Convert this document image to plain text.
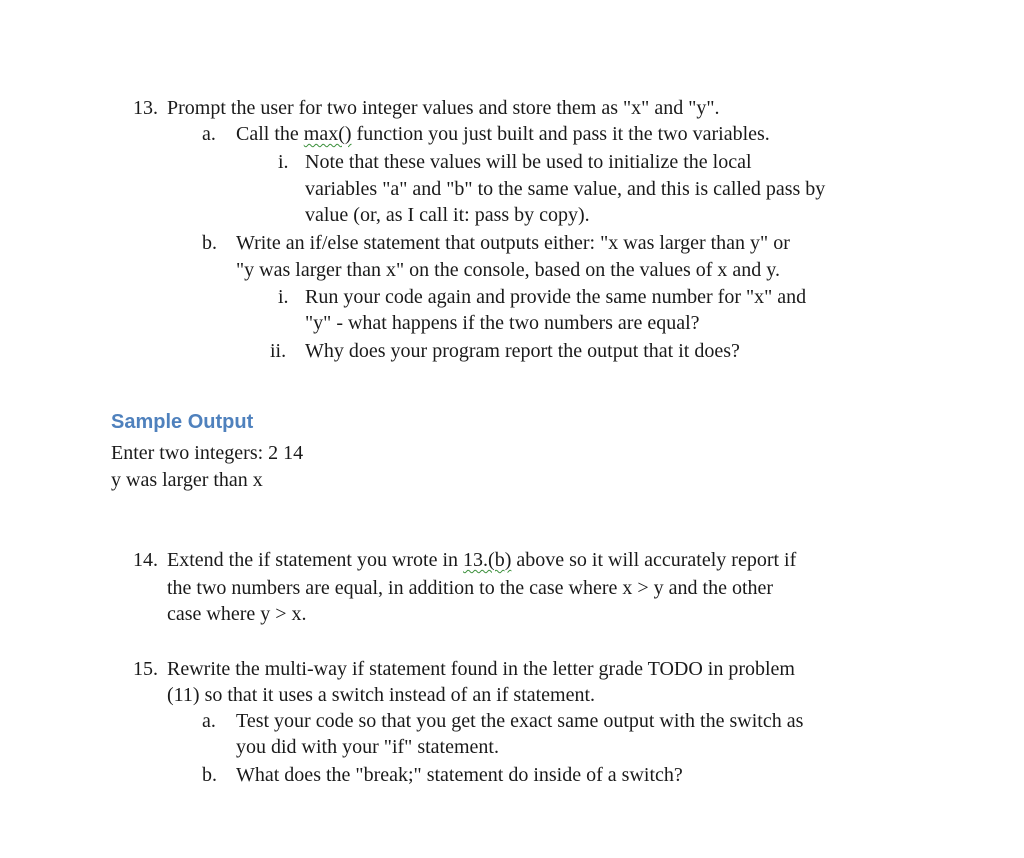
13. Prompt the user for two integer values and store them as "x" and "y".
a. Call the max() function you just built and pass it the two variables.
i. Note that these values will be used to initialize the local
variables "a" and "b" to the same value, and this is called pass by
value (or, as I call it: pass by copy).
b. Write an if/else statement that outputs either: "x was larger than y" or
"y was larger than x" on the console, based on the values of x and y.
i. Run your code again and provide the same number for "x" and
"y" - what happens if the two numbers are equal?
ii. Why does your program report the output that it does?
Sample Output
Enter two integers: 2 14
y was larger than x
14. Extend the if statement you wrote in 13.(b) above so it will accurately report if
the two numbers are equal, in addition to the case where x > y and the other
case where y > x.
15. Rewrite the multi-way if statement found in the letter grade TODO in problem
(11) so that it uses a switch instead of an if statement.
a. Test your code so that you get the exact same output with the switch as
you did with your "if" statement.
b. What does the "break;" statement do inside of a switch?
